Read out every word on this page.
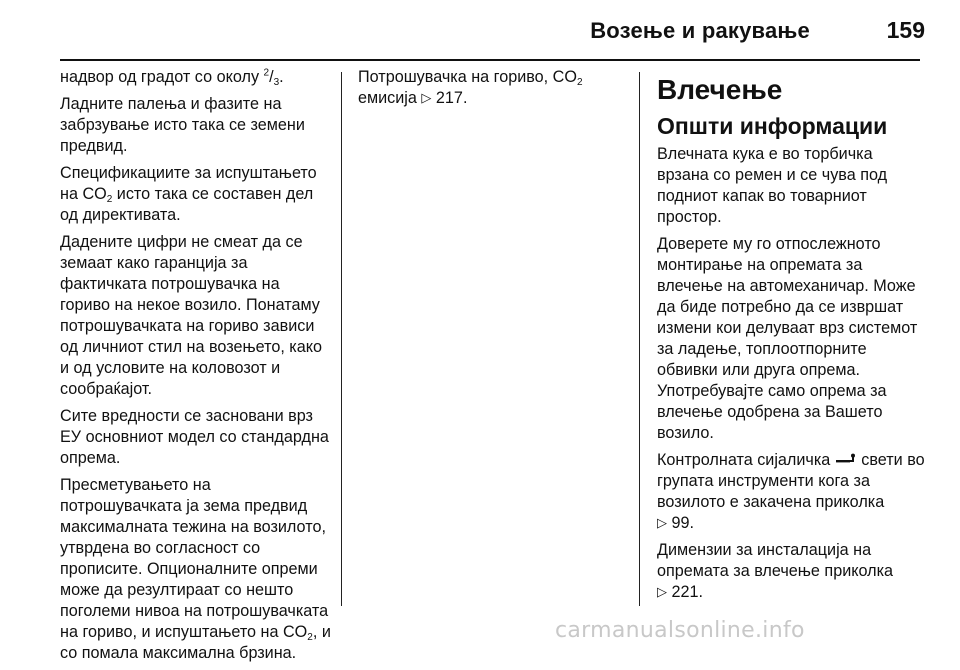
Возење и ракување	159

надвор од градот со околу $^2/_3$.

Ладните палења и фазите на забрзување исто така се земени предвид.

Спецификациите за испуштањето на $CO_2$ исто така се составен дел од директивата.

Дадените цифри не смеат да се земаат како гаранција за фактичката потрошувачка на гориво на некое возило. Понатаму потрошувачката на гориво зависи од личниот стил на возењето, како и од условите на коловозот и сообраќајот.

Сите вредности се засновани врз ЕУ основниот модел со стандардна опрема.

Пресметувањето на потрошувачката ја зема предвид максималната тежина на возилото, утврдена во согласност со прописите. Опционалните опреми може да резултираат со нешто поголеми нивоа на потрошувачката на гориво, и испуштањето на $CO_2$, и со помала максимална брзина.

Потрошувачка на гориво, $CO_2$
емисија ▷ 217.	Влечење
Општи информации

Влечната кука е во торбичка врзана со ремен и се чува под подниот капак во товарниот простор.

Доверете му го отпослежното монтирање на опремата за влечење на автомеханичар. Може да биде потребно да се извршат измени кои делуваат врз системот за ладење, топлоотпорните обвивки или друга опрема. Употребувајте само опрема за влечење одобрена за Вашето возило.

Контролната сијаличка  свети во групата инструменти кога за возилото е закачена приколка
▷ 99.

Димензии за инсталација на опремата за влечење приколка
▷ 221.

carmanualsonline.info
